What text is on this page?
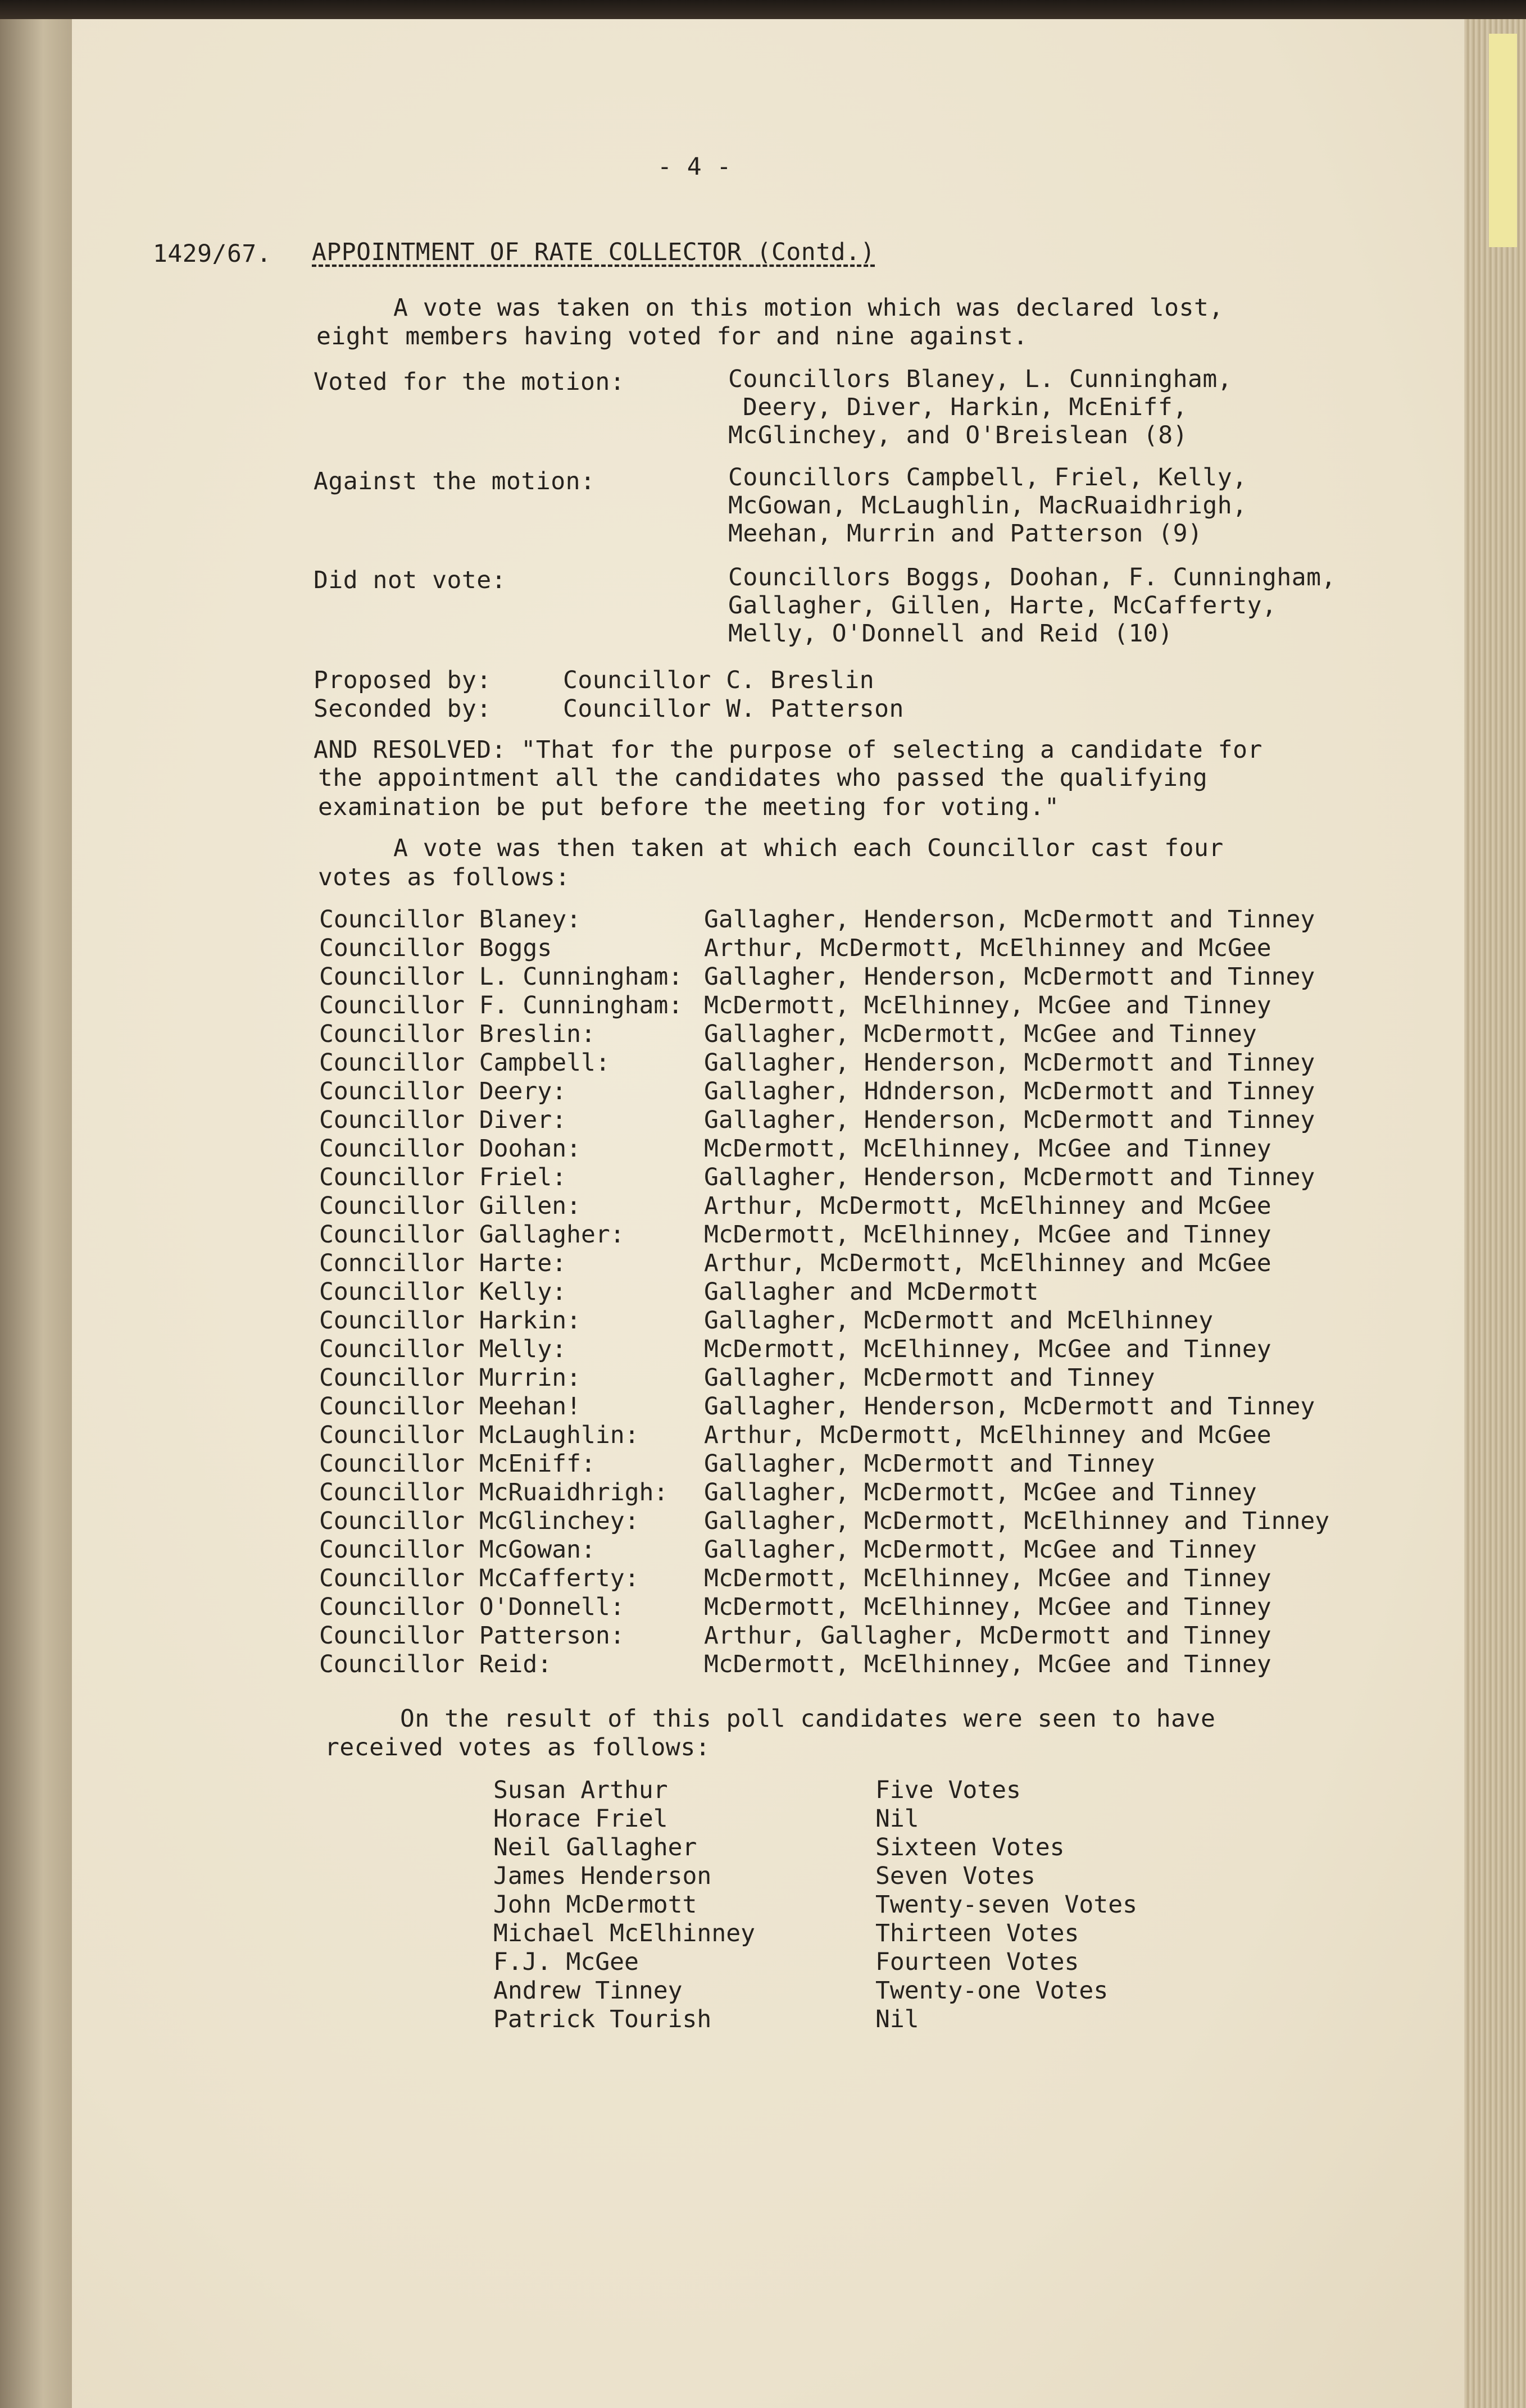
- 4 -
1429/67. APPOINTMENT OF RATE COLLECTOR (Contd.)
A vote was taken on this motion which was declared lost,
eight members having voted for and nine against.
Voted for the motion:	Councillors Blaney, L. Cunningham,
Deery, Diver, Harkin, McEniff,
McGlinchey, and O'Breislean (8)
Against the motion:	Councillors Campbell, Friel, Kelly,
McGowan, McLaughlin, MacRuaidhrigh,
Meehan, Murrin and Patterson (9)
Did not vote:	Councillors Boggs, Doohan, F. Cunningham,
Gallagher, Gillen, Harte, McCafferty,
Melly, O'Donnell and Reid (10)
Proposed by:	Councillor C. Breslin
Seconded by:	Councillor W. Patterson
AND RESOLVED: "That for the purpose of selecting a candidate for
the appointment all the candidates who passed the qualifying
examination be put before the meeting for voting."
A vote was then taken at which each Councillor cast four
votes as follows:
Councillor Blaney:	Gallagher, Henderson, McDermott and Tinney
Councillor Boggs	Arthur, McDermott, McElhinney and McGee
Councillor L. Cunningham: Gallagher, Henderson, McDermott and Tinney
Councillor F. Cunningham: McDermott, McElhinney, McGee and Tinney
Councillor Breslin:	Gallagher, McDermott, McGee and Tinney
Councillor Campbell:	Gallagher, Henderson, McDermott and Tinney
Councillor Deery:	Gallagher, Hdnderson, McDermott and Tinney
Councillor Diver:	Gallagher, Henderson, McDermott and Tinney
Councillor Doohan:	McDermott, McElhinney, McGee and Tinney
Councillor Friel:	Gallagher, Henderson, McDermott and Tinney
Councillor Gillen:	Arthur, McDermott, McElhinney and McGee
Councillor Gallagher:	McDermott, McElhinney, McGee and Tinney
Conncillor Harte:	Arthur, McDermott, McElhinney and McGee
Councillor Kelly:	Gallagher and McDermott
Councillor Harkin:	Gallagher, McDermott and McElhinney
Councillor Melly:	McDermott, McElhinney, McGee and Tinney
Councillor Murrin:	Gallagher, McDermott and Tinney
Councillor Meehan!	Gallagher, Henderson, McDermott and Tinney
Councillor McLaughlin:	Arthur, McDermott, McElhinney and McGee
Councillor McEniff:	Gallagher, McDermott and Tinney
Councillor McRuaidhrigh: Gallagher, McDermott, McGee and Tinney
Councillor McGlinchey:	Gallagher, McDermott, McElhinney and Tinney
Councillor McGowan:	Gallagher, McDermott, McGee and Tinney
Councillor McCafferty:	McDermott, McElhinney, McGee and Tinney
Councillor O'Donnell:	McDermott, McElhinney, McGee and Tinney
Councillor Patterson:	Arthur, Gallagher, McDermott and Tinney
Councillor Reid:	McDermott, McElhinney, McGee and Tinney
On the result of this poll candidates were seen to have
received votes as follows:
Susan Arthur	Five Votes
Horace Friel	Nil
Neil Gallagher	Sixteen Votes
James Henderson	Seven Votes
John McDermott	Twenty-seven Votes
Michael McElhinney	Thirteen Votes
F.J. McGee	Fourteen Votes
Andrew Tinney	Twenty-one Votes
Patrick Tourish	Nil
